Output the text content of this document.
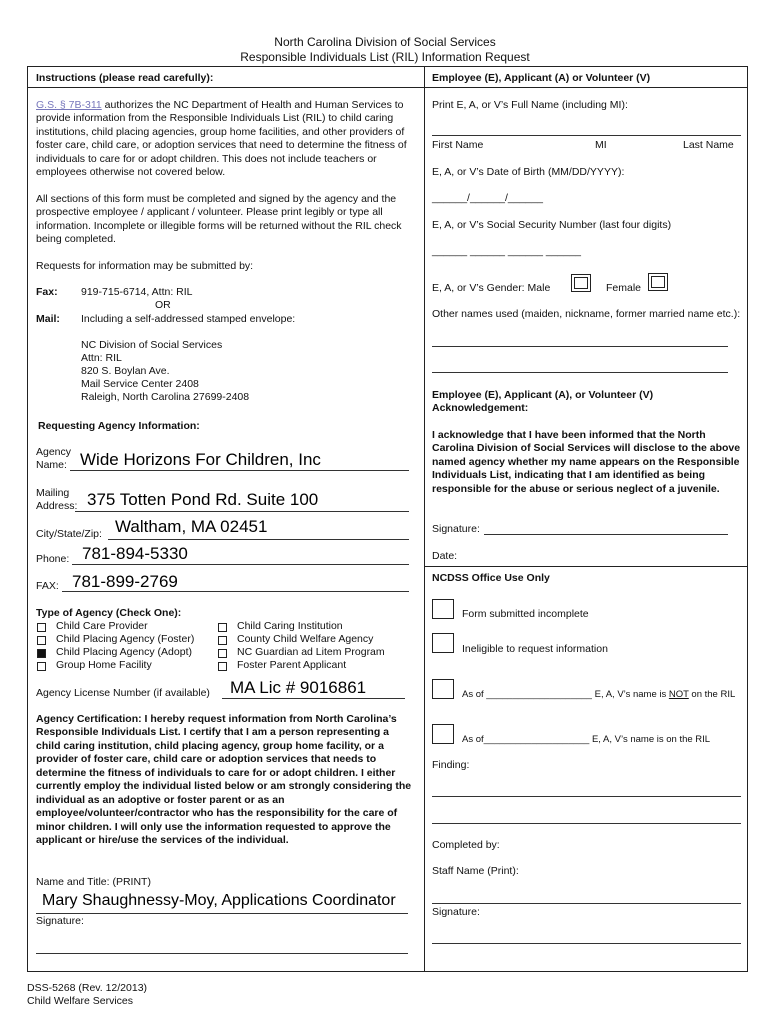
North Carolina Division of Social Services
Responsible Individuals List (RIL) Information Request
Instructions (please read carefully):
G.S. § 7B-311 authorizes the NC Department of Health and Human Services to provide information from the Responsible Individuals List (RIL) to child caring institutions, child placing agencies, group home facilities, and other providers of foster care, child care, or adoption services that need to determine the fitness of individuals to care for or adopt children. This does not include teachers or employees otherwise not covered below.
All sections of this form must be completed and signed by the agency and the prospective employee / applicant / volunteer. Please print legibly or type all information. Incomplete or illegible forms will be returned without the RIL check being completed.
Requests for information may be submitted by:
Fax: 919-715-6714, Attn: RIL
OR
Mail: Including a self-addressed stamped envelope:
NC Division of Social Services
Attn: RIL
820 S. Boylan Ave.
Mail Service Center 2408
Raleigh, North Carolina 27699-2408
Requesting Agency Information:
Agency
Name: Wide Horizons For Children, Inc
Mailing
Address: 375 Totten Pond Rd. Suite 100
City/State/Zip: Waltham, MA 02451
Phone: 781-894-5330
FAX: 781-899-2769
Type of Agency (Check One):
Child Care Provider
Child Placing Agency (Foster)
Child Placing Agency (Adopt)
Group Home Facility
Child Caring Institution
County Child Welfare Agency
NC Guardian ad Litem Program
Foster Parent Applicant
Agency License Number (if available) MA Lic # 9016861
Agency Certification: I hereby request information from North Carolina’s Responsible Individuals List. I certify that I am a person representing a child caring institution, child placing agency, group home facility, or a provider of foster care, child care or adoption services that needs to determine the fitness of individuals to care for or adopt children. I either currently employ the individual listed below or am strongly considering the individual as an adoptive or foster parent or as an employee/volunteer/contractor who has the responsibility for the care of minor children. I will only use the information requested to approve the applicant or hire/use the services of the individual.
Name and Title: (PRINT)
Mary Shaughnessy-Moy, Applications Coordinator
Signature:
Employee (E), Applicant (A) or Volunteer (V)
Print E, A, or V’s Full Name (including MI):
First Name	MI	Last Name
E, A, or V’s Date of Birth (MM/DD/YYYY):
______/______/______
E, A, or V’s Social Security Number (last four digits)
______ ______ ______ ______
E, A, or V’s Gender: Male	Female
Other names used (maiden, nickname, former married name etc.):
Employee (E), Applicant (A), or Volunteer (V) Acknowledgement:
I acknowledge that I have been informed that the North Carolina Division of Social Services will disclose to the above named agency whether my name appears on the Responsible Individuals List, indicating that I am identified as being responsible for the abuse or serious neglect of a juvenile.
Signature:
Date:
NCDSS Office Use Only
Form submitted incomplete
Ineligible to request information
As of ____________________ E, A, V’s name is NOT on the RIL
As of____________________ E, A, V’s name is on the RIL
Finding:
Completed by:
Staff Name (Print):
Signature:
DSS-5268 (Rev. 12/2013)
Child Welfare Services
